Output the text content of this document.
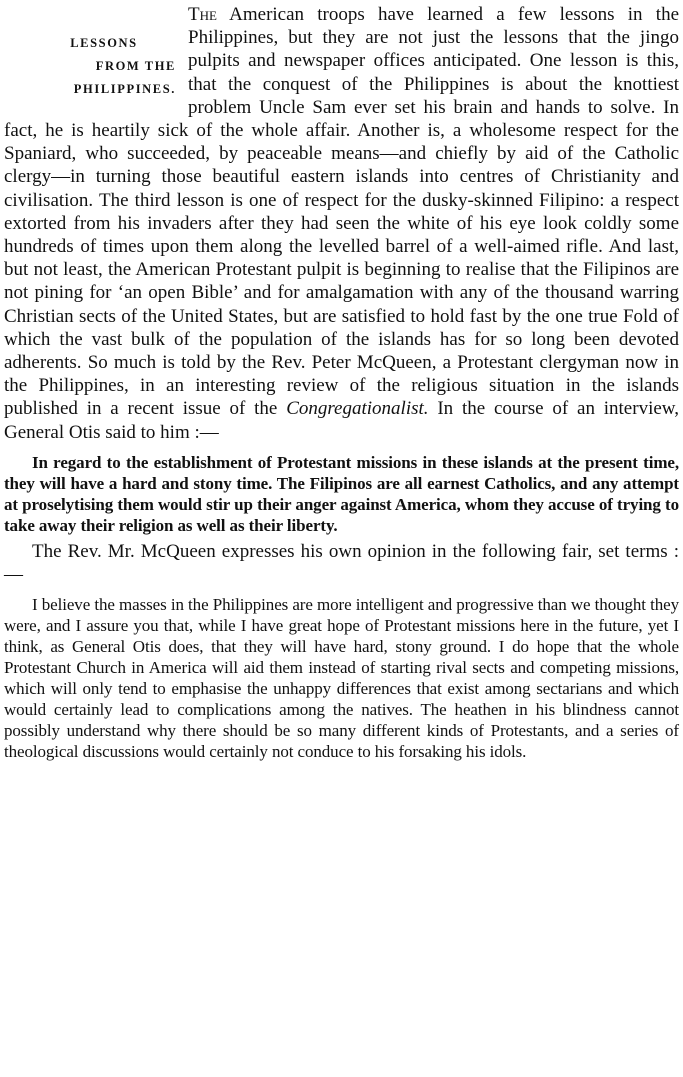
LESSONS
FROM THE
PHILIPPINES.

The American troops have learned a few lessons in the Philippines, but they are not just the lessons that the jingo pulpits and newspaper offices anticipated. One lesson is this, that the conquest of the Philippines is about the knottiest problem Uncle Sam ever set his brain and hands to solve. In fact, he is heartily sick of the whole affair. Another is, a wholesome respect for the Spaniard, who succeeded, by peaceable means—and chiefly by aid of the Catholic clergy—in turning those beautiful eastern islands into centres of Christianity and civilisation. The third lesson is one of respect for the dusky-skinned Filipino: a respect extorted from his invaders after they had seen the white of his eye look coldly some hundreds of times upon them along the levelled barrel of a well-aimed rifle. And last, but not least, the American Protestant pulpit is beginning to realise that the Filipinos are not pining for ‘an open Bible’ and for amalgamation with any of the thousand warring Christian sects of the United States, but are satisfied to hold fast by the one true Fold of which the vast bulk of the population of the islands has for so long been devoted adherents. So much is told by the Rev. Peter McQueen, a Protestant clergyman now in the Philippines, in an interesting review of the religious situation in the islands published in a recent issue of the Congregationalist. In the course of an interview, General Otis said to him :—

In regard to the establishment of Protestant missions in these islands at the present time, they will have a hard and stony time. The Filipinos are all earnest Catholics, and any attempt at proselytising them would stir up their anger against America, whom they accuse of trying to take away their religion as well as their liberty.

The Rev. Mr. McQueen expresses his own opinion in the following fair, set terms :—

I believe the masses in the Philippines are more intelligent and progressive than we thought they were, and I assure you that, while I have great hope of Protestant missions here in the future, yet I think, as General Otis does, that they will have hard, stony ground. I do hope that the whole Protestant Church in America will aid them instead of starting rival sects and competing missions, which will only tend to emphasise the unhappy differences that exist among sectarians and which would certainly lead to complications among the natives. The heathen in his blindness cannot possibly understand why there should be so many different kinds of Protestants, and a series of theological discussions would certainly not conduce to his forsaking his idols.
